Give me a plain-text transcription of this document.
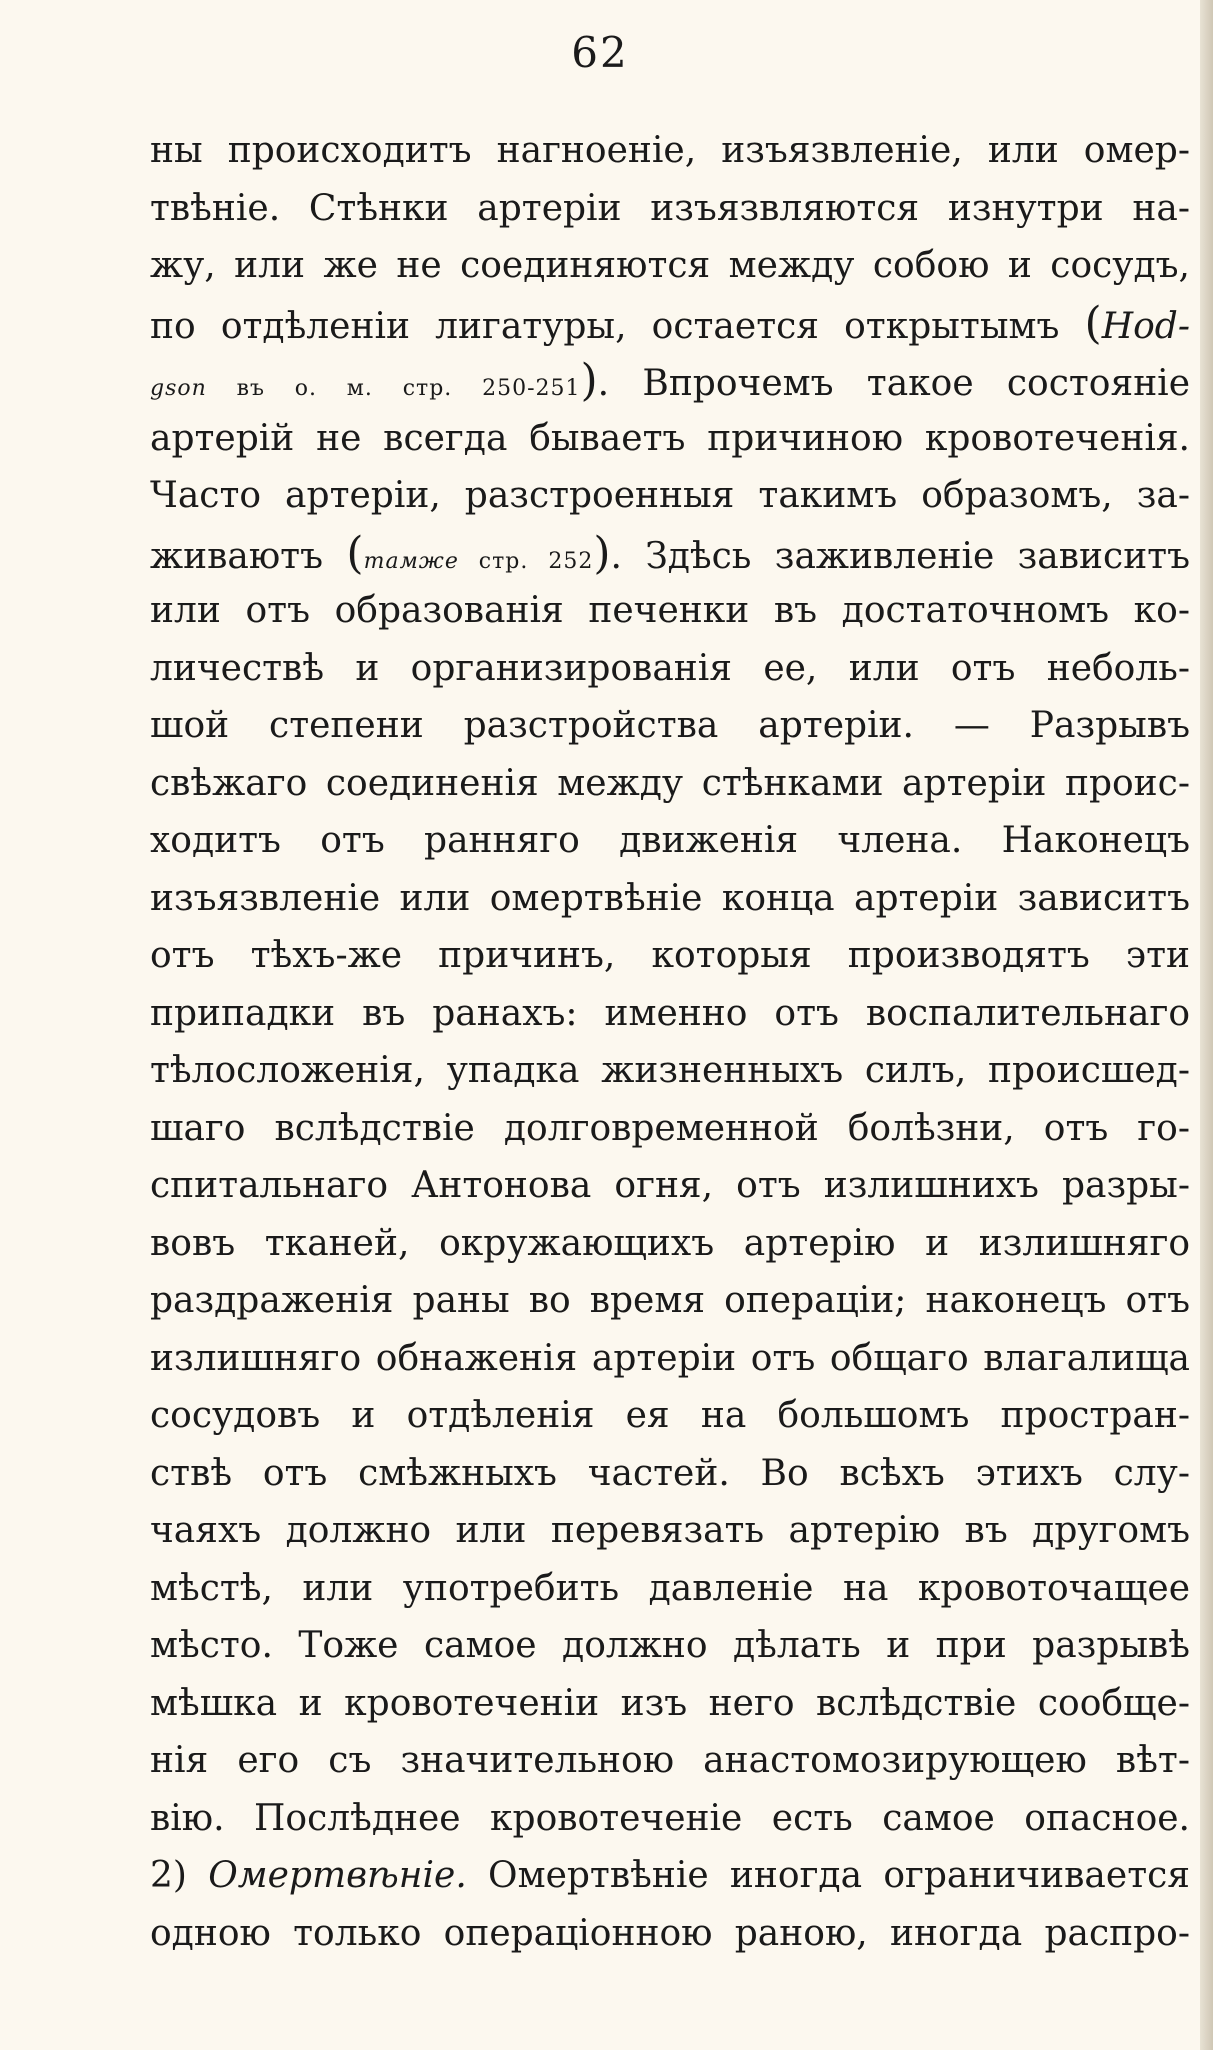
62
ны происходитъ нагноеніе, изъязвленіе, или омер-
твѣніе. Стѣнки артеріи изъязвляются изнутри на-
жу, или же не соединяются между собою и сосудъ,
по отдѣленіи лигатуры, остается открытымъ (Hod-
gson въ о. м. стр. 250-251). Впрочемъ такое состояніе
артерій не всегда бываетъ причиною кровотеченія.
Часто артеріи, разстроенныя такимъ образомъ, за-
живаютъ (тамже стр. 252). Здѣсь заживленіе зависитъ
или отъ образованія печенки въ достаточномъ ко-
личествѣ и организированія ее, или отъ неболь-
шой степени разстройства артеріи. — Разрывъ
свѣжаго соединенія между стѣнками артеріи проис-
ходитъ отъ ранняго движенія члена. Наконецъ
изъязвленіе или омертвѣніе конца артеріи зависитъ
отъ тѣхъ-же причинъ, которыя производятъ эти
припадки въ ранахъ: именно отъ воспалительнаго
тѣлосложенія, упадка жизненныхъ силъ, происшед-
шаго вслѣдствіе долговременной болѣзни, отъ го-
спитальнаго Антонова огня, отъ излишнихъ разры-
вовъ тканей, окружающихъ артерію и излишняго
раздраженія раны во время операціи; наконецъ отъ
излишняго обнаженія артеріи отъ общаго влагалища
сосудовъ и отдѣленія ея на большомъ простран-
ствѣ отъ смѣжныхъ частей. Во всѣхъ этихъ слу-
чаяхъ должно или перевязать артерію въ другомъ
мѣстѣ, или употребить давленіе на кровоточащее
мѣсто. Тоже самое должно дѣлать и при разрывѣ
мѣшка и кровотеченіи изъ него вслѣдствіе сообще-
нія его съ значительною анастомозирующею вѣт-
вію. Послѣднее кровотеченіе есть самое опасное.
2) Омертвѣніе. Омертвѣніе иногда ограничивается
одною только операціонною раною, иногда распро-
